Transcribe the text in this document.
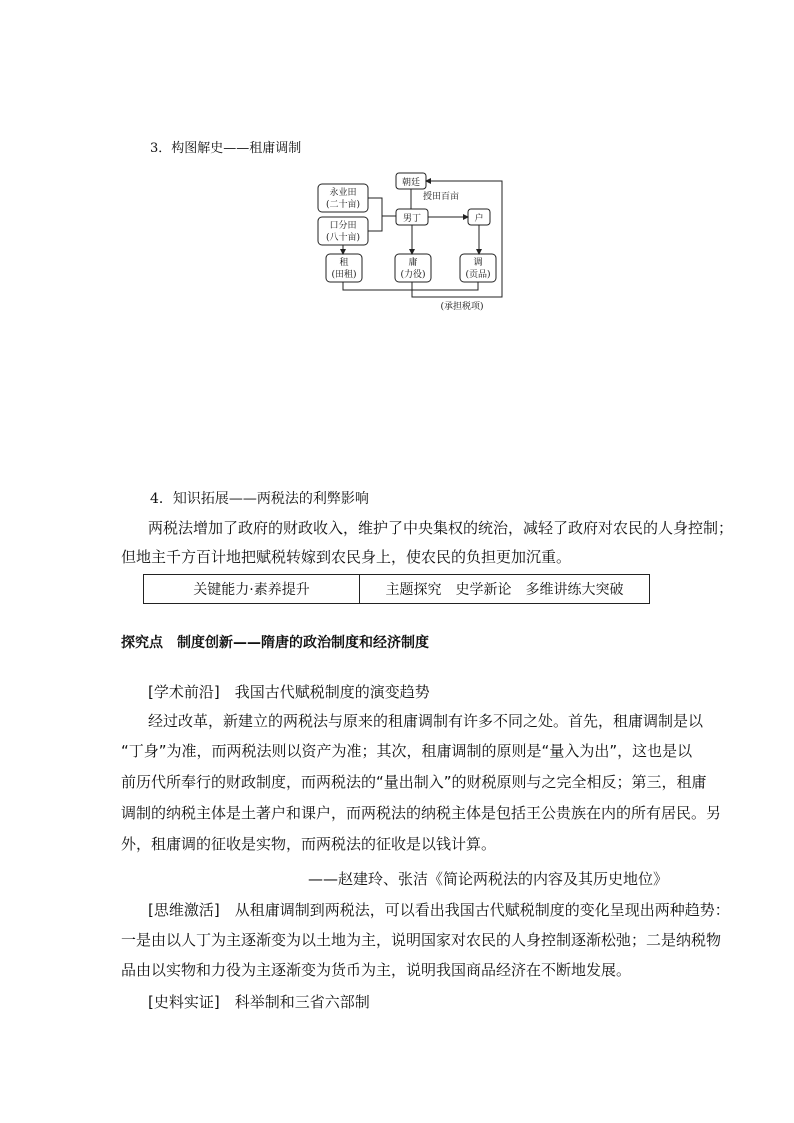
3．构图解史——租庸调制
永业田
(二十亩)
口分田
(八十亩)
朝廷
授田百亩
男丁	户
租
(田租)
庸
(力役)
调
(贡品)
(承担税项)
4．知识拓展——两税法的利弊影响
两税法增加了政府的财政收入，维护了中央集权的统治，减轻了政府对农民的人身控制；
但地主千方百计地把赋税转嫁到农民身上，使农民的负担更加沉重。
关键能力·素养提升	主题探究　史学新论　多维讲练大突破
探究点　制度创新——隋唐的政治制度和经济制度
[学术前沿]　我国古代赋税制度的演变趋势
经过改革，新建立的两税法与原来的租庸调制有许多不同之处。首先，租庸调制是以
“丁身”为准，而两税法则以资产为准；其次，租庸调制的原则是“量入为出”，这也是以
前历代所奉行的财政制度，而两税法的“量出制入”的财税原则与之完全相反；第三，租庸
调制的纳税主体是土著户和课户，而两税法的纳税主体是包括王公贵族在内的所有居民。另
外，租庸调的征收是实物，而两税法的征收是以钱计算。
——赵建玲、张洁《简论两税法的内容及其历史地位》
[思维激活]　从租庸调制到两税法，可以看出我国古代赋税制度的变化呈现出两种趋势：
一是由以人丁为主逐渐变为以土地为主，说明国家对农民的人身控制逐渐松弛；二是纳税物
品由以实物和力役为主逐渐变为货币为主，说明我国商品经济在不断地发展。
[史料实证]　科举制和三省六部制
